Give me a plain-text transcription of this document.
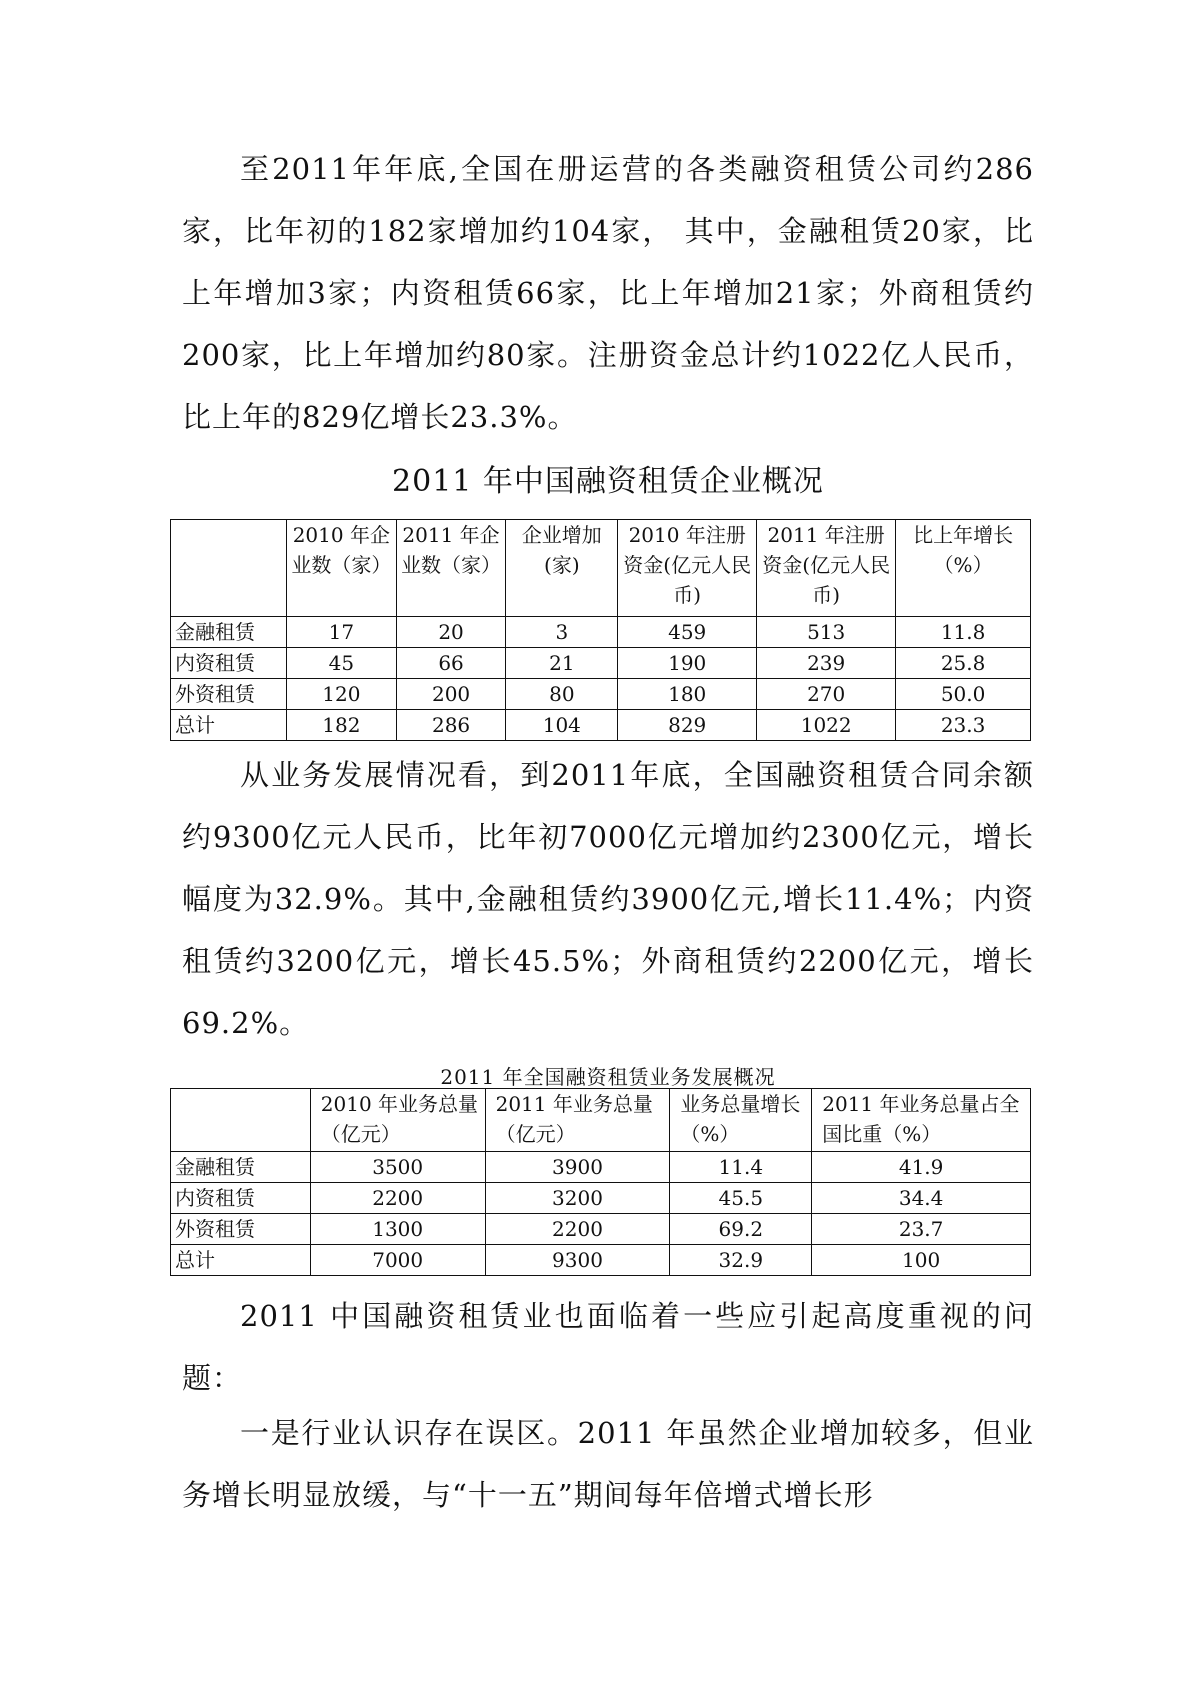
至2011年年底,全国在册运营的各类融资租赁公司约286家，比年初的182家增加约104家， 其中，金融租赁20家，比上年增加3家；内资租赁66家，比上年增加21家；外商租赁约200家，比上年增加约80家。注册资金总计约1022亿人民币，比上年的829亿增长23.3%。

2011 年中国融资租赁企业概况
	2010 年企业数（家）	2011 年企业数（家）	企业增加(家)	2010 年注册资金(亿元人民币)	2011 年注册资金(亿元人民币)	比上年增长（%）
金融租赁	17	20	3	459	513	11.8
内资租赁	45	66	21	190	239	25.8
外资租赁	120	200	80	180	270	50.0
总计	182	286	104	829	1022	23.3

从业务发展情况看，到2011年底，全国融资租赁合同余额约9300亿元人民币，比年初7000亿元增加约2300亿元，增长幅度为32.9%。其中,金融租赁约3900亿元,增长11.4%；内资租赁约3200亿元，增长45.5%；外商租赁约2200亿元，增长69.2%。

2011 年全国融资租赁业务发展概况
	2010 年业务总量（亿元）	2011 年业务总量（亿元）	业务总量增长（%）	2011 年业务总量占全国比重（%）
金融租赁	3500	3900	11.4	41.9
内资租赁	2200	3200	45.5	34.4
外资租赁	1300	2200	69.2	23.7
总计	7000	9300	32.9	100

2011 中国融资租赁业也面临着一些应引起高度重视的问题：

一是行业认识存在误区。2011 年虽然企业增加较多，但业务增长明显放缓，与“十一五”期间每年倍增式增长形
